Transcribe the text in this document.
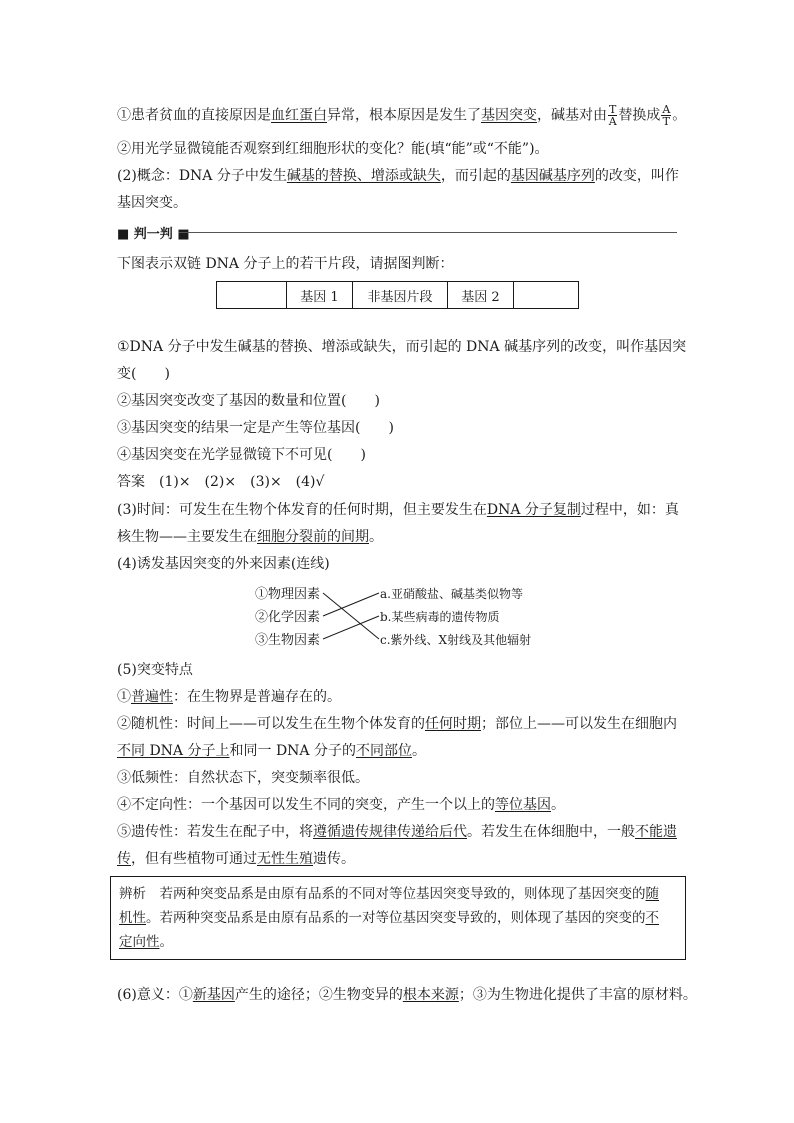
①患者贫血的直接原因是血红蛋白异常，根本原因是发生了基因突变，碱基对由 $\frac{T}{A}$ 替换成 $\frac{A}{T}$ 。
②用光学显微镜能否观察到红细胞形状的变化？能(填“能”或“不能”)。
(2)概念：DNA 分子中发生碱基的替换、增添或缺失，而引起的基因碱基序列的改变，叫作
基因突变。
■ 判一判 ■
下图表示双链 DNA 分子上的若干片段，请据图判断：
	基因 1	非基因片段	基因 2	
①DNA 分子中发生碱基的替换、增添或缺失，而引起的 DNA 碱基序列的改变，叫作基因突
变(　　)
②基因突变改变了基因的数量和位置(　　)
③基因突变的结果一定是产生等位基因(　　)
④基因突变在光学显微镜下不可见(　　)
答案　(1)×　(2)×　(3)×　(4)√
(3)时间：可发生在生物个体发育的任何时期，但主要发生在DNA 分子复制过程中，如：真
核生物——主要发生在细胞分裂前的间期。
(4)诱发基因突变的外来因素(连线)
①物理因素
②化学因素
③生物因素
a.亚硝酸盐、碱基类似物等
b.某些病毒的遗传物质
c.紫外线、X射线及其他辐射
(5)突变特点
①普遍性：在生物界是普遍存在的。
②随机性：时间上——可以发生在生物个体发育的任何时期；部位上——可以发生在细胞内
不同 DNA 分子上和同一 DNA 分子的不同部位。
③低频性：自然状态下，突变频率很低。
④不定向性：一个基因可以发生不同的突变，产生一个以上的等位基因。
⑤遗传性：若发生在配子中，将遵循遗传规律传递给后代。若发生在体细胞中，一般不能遗
传，但有些植物可通过无性生殖遗传。
辨析　若两种突变品系是由原有品系的不同对等位基因突变导致的，则体现了基因突变的随
机性。若两种突变品系是由原有品系的一对等位基因突变导致的，则体现了基因的突变的不
定向性。
(6)意义：①新基因产生的途径；②生物变异的根本来源；③为生物进化提供了丰富的原材料。
